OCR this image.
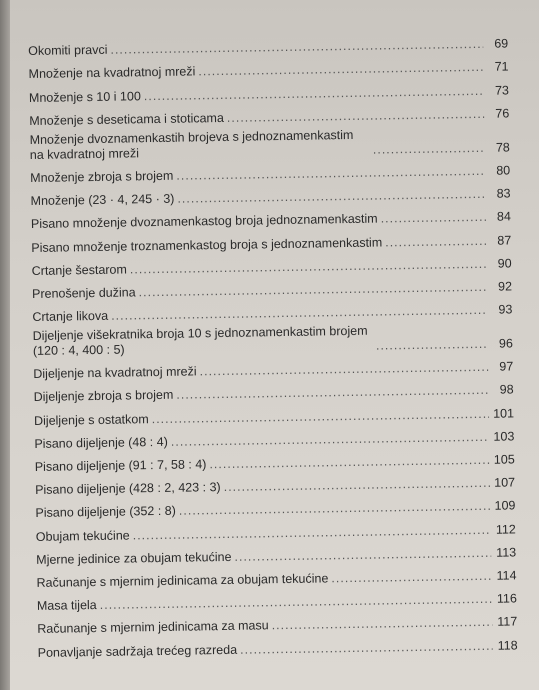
Okomiti pravci .....	69
Množenje na kvadratnoj mreži .....	71
Množenje s 10 i 100 .....	73
Množenje s deseticama i stoticama .....	76
Množenje dvoznamenkastih brojeva s jednoznamenkastim na kvadratnoj mreži .....	78
Množenje zbroja s brojem .....	80
Množenje (23 · 4, 245 · 3) .....	83
Pisano množenje dvoznamenkastog broja jednoznamenkastim .....	84
Pisano množenje troznamenkastog broja s jednoznamenkastim .....	87
Crtanje šestarom .....	90
Prenošenje dužina .....	92
Crtanje likova .....	93
Dijeljenje višekratnika broja 10 s jednoznamenkastim brojem (120 : 4, 400 : 5) .....	96
Dijeljenje na kvadratnoj mreži .....	97
Dijeljenje zbroja s brojem .....	98
Dijeljenje s ostatkom .....	101
Pisano dijeljenje (48 : 4) .....	103
Pisano dijeljenje (91 : 7, 58 : 4) .....	105
Pisano dijeljenje (428 : 2, 423 : 3) .....	107
Pisano dijeljenje (352 : 8) .....	109
Obujam tekućine .....	112
Mjerne jedinice za obujam tekućine .....	113
Računanje s mjernim jedinicama za obujam tekućine .....	114
Masa tijela .....	116
Računanje s mjernim jedinicama za masu .....	117
Ponavljanje sadržaja trećeg razreda .....	118
